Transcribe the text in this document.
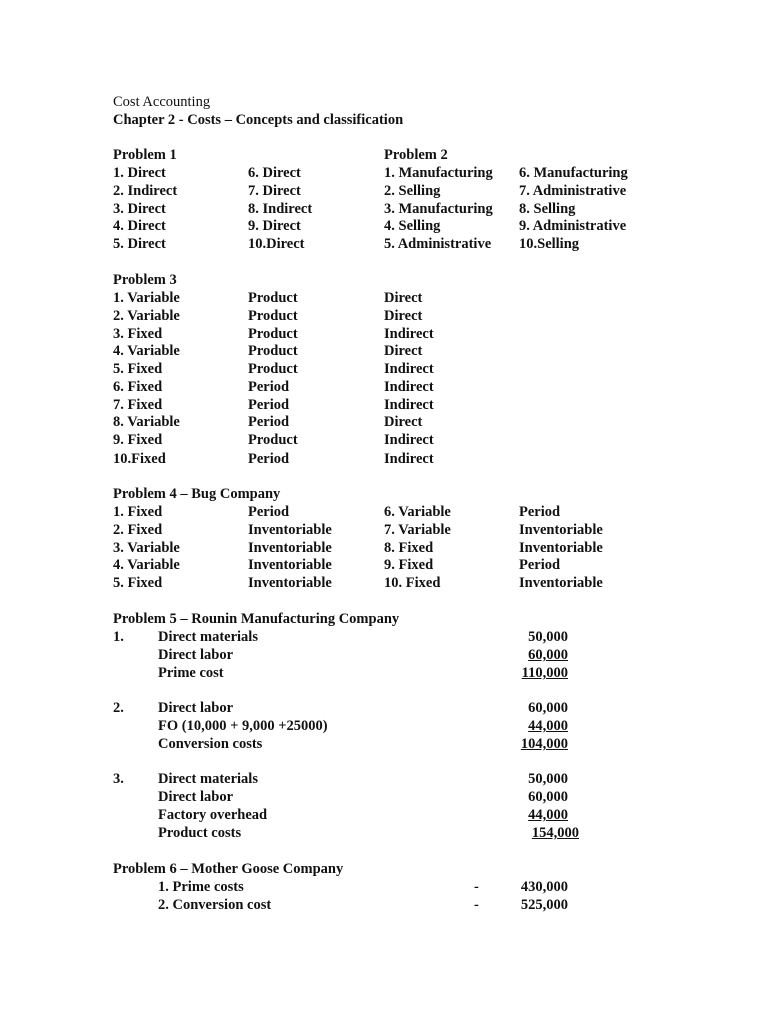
Cost Accounting
Chapter 2 - Costs – Concepts and classification
Problem 1
1. Direct
2. Indirect
3. Direct
4. Direct
5. Direct
6. Direct
7. Direct
8. Indirect
9. Direct
10.Direct
Problem 2
1. Manufacturing
2. Selling
3. Manufacturing
4. Selling
5. Administrative
6. Manufacturing
7. Administrative
8. Selling
9. Administrative
10.Selling
Problem 3
1. Variable	Product	Direct
2. Variable	Product	Direct
3. Fixed	Product	Indirect
4. Variable	Product	Direct
5. Fixed	Product	Indirect
6. Fixed	Period	Indirect
7. Fixed	Period	Indirect
8. Variable	Period	Direct
9. Fixed	Product	Indirect
10.Fixed	Period	Indirect
Problem 4 – Bug Company
1. Fixed	Period	6. Variable	Period
2. Fixed	Inventoriable	7. Variable	Inventoriable
3. Variable	Inventoriable	8. Fixed	Inventoriable
4. Variable	Inventoriable	9. Fixed	Period
5. Fixed	Inventoriable	10. Fixed	Inventoriable
Problem 5 – Rounin Manufacturing Company
1. Direct materials	50,000
Direct labor	60,000
Prime cost	110,000
2. Direct labor	60,000
FO (10,000 + 9,000 +25000)	44,000
Conversion costs	104,000
3. Direct materials	50,000
Direct labor	60,000
Factory overhead	44,000
Product costs	154,000
Problem 6 – Mother Goose Company
1. Prime costs	-	430,000
2. Conversion cost	-	525,000
